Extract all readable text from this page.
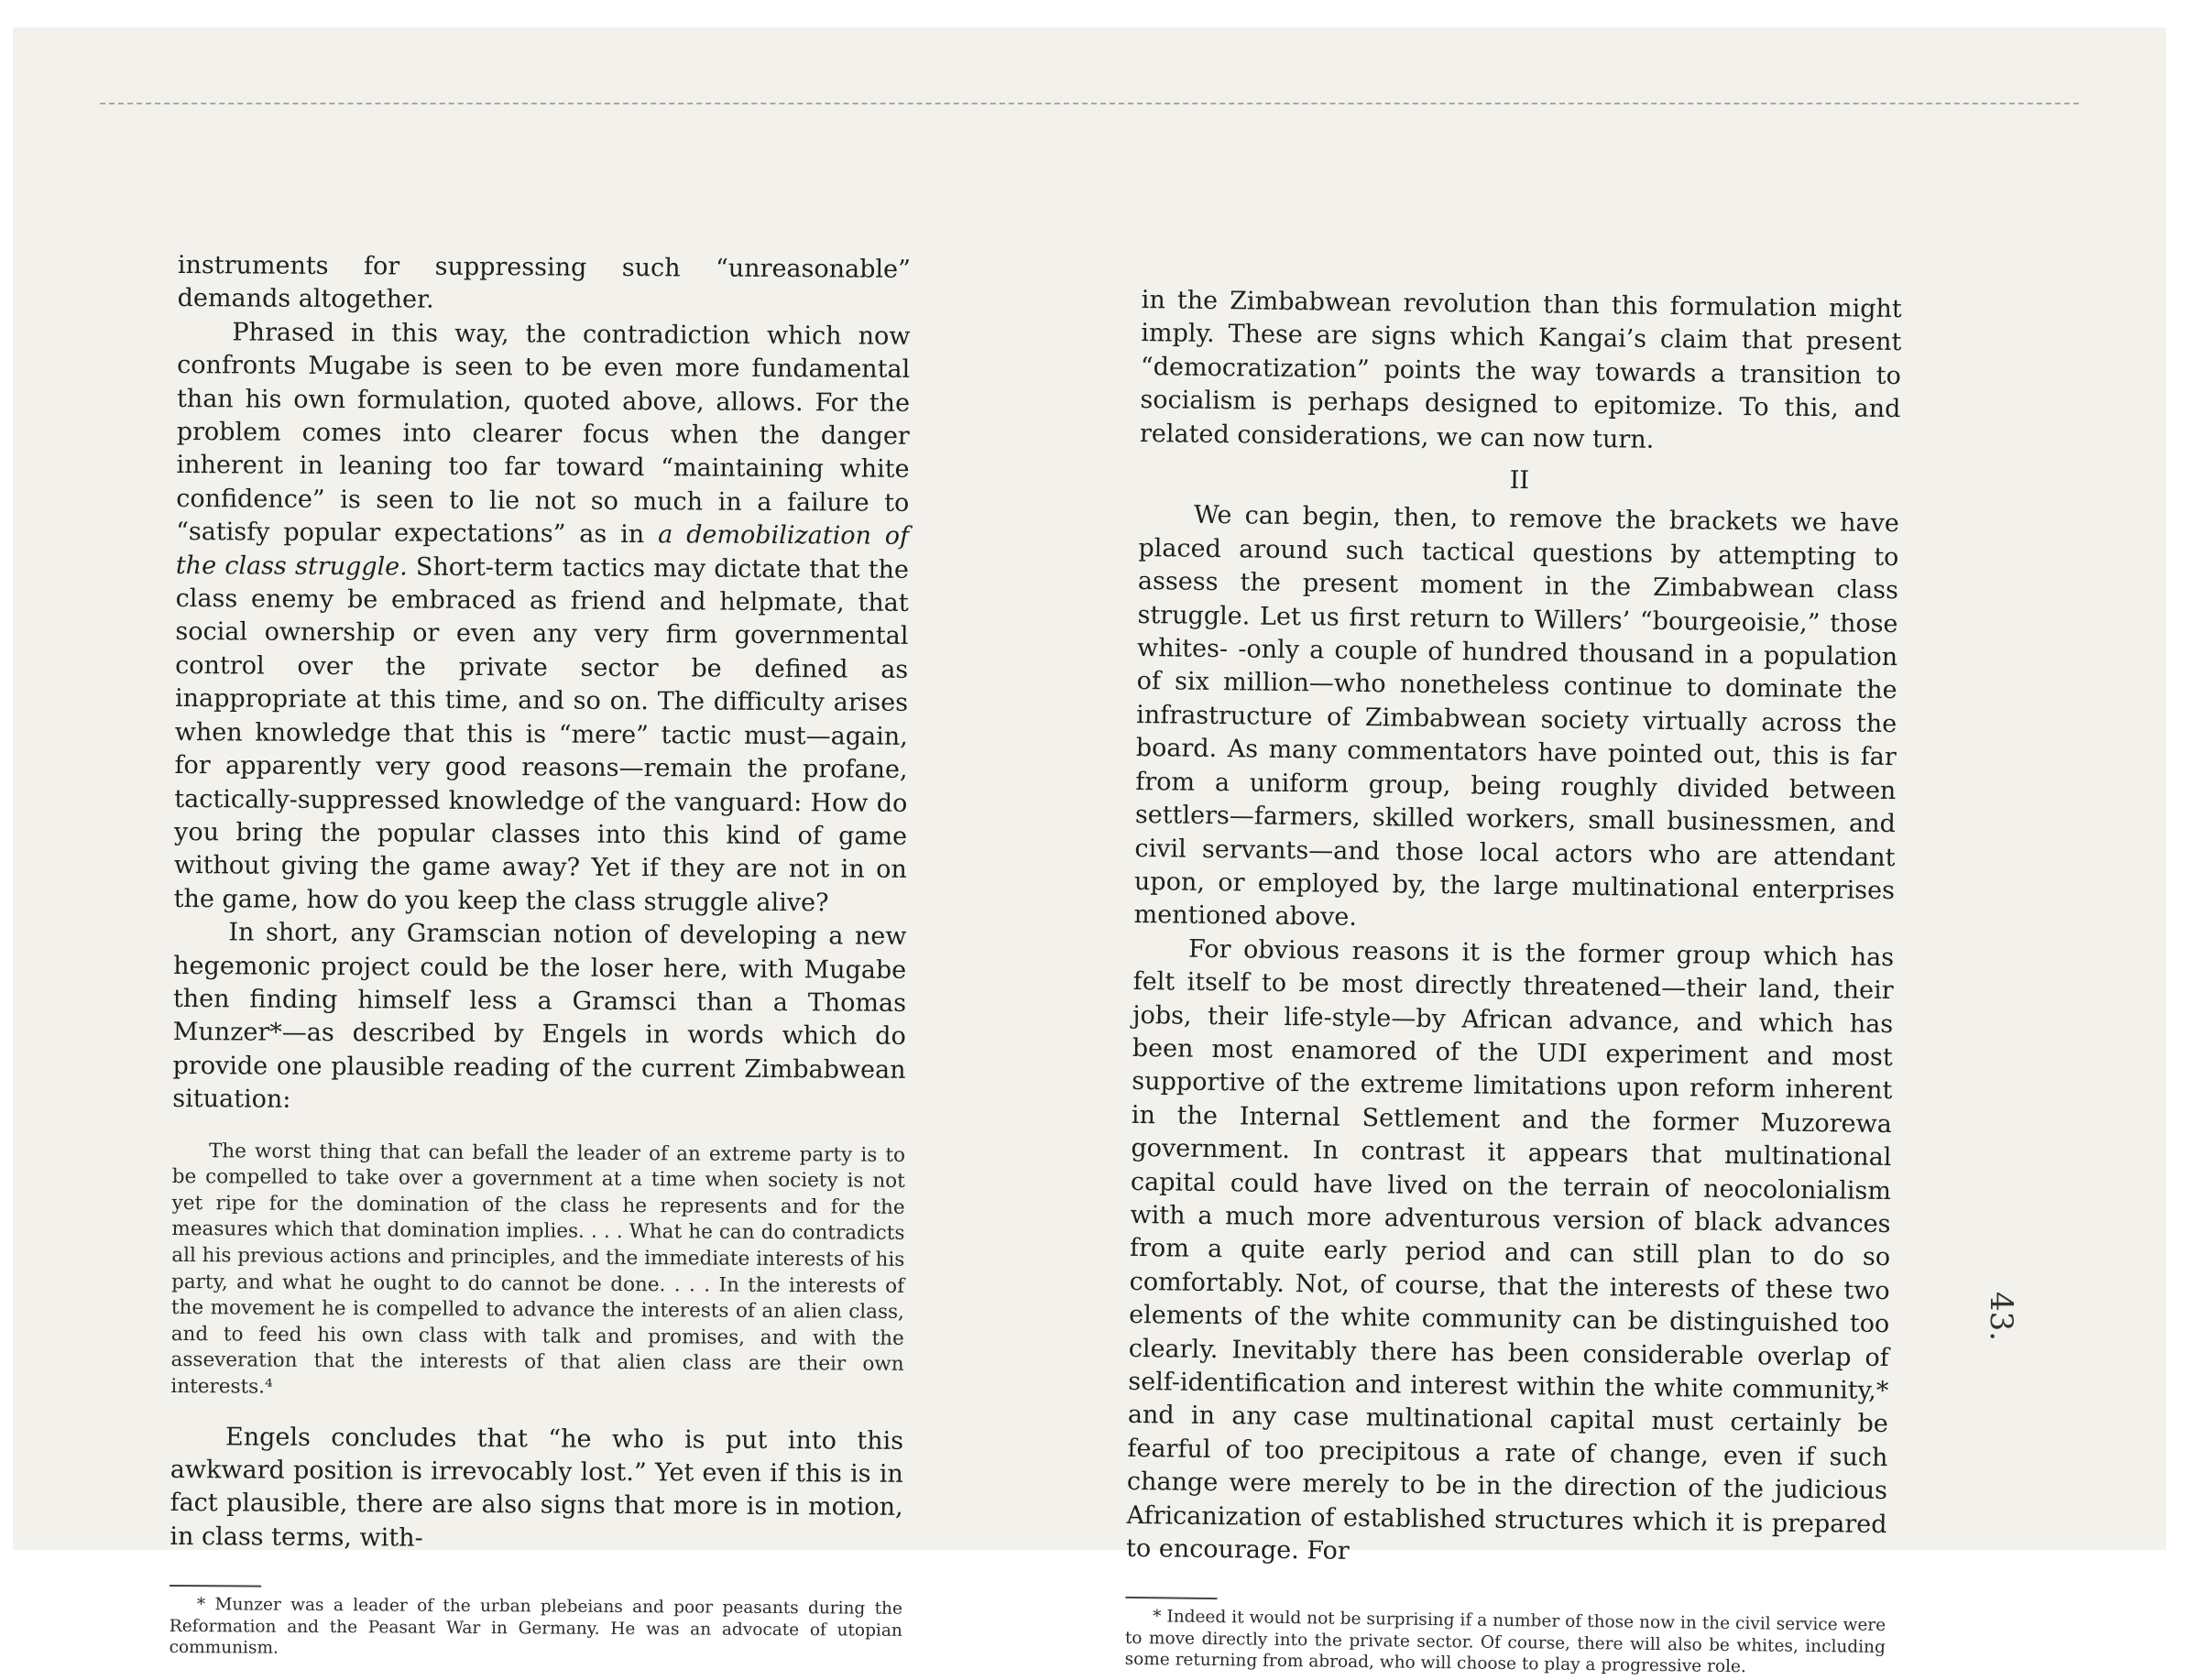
instruments for suppressing such “unreasonable” demands altogether.

Phrased in this way, the contradiction which now confronts Mugabe is seen to be even more fundamental than his own formulation, quoted above, allows. For the problem comes into clearer focus when the danger inherent in leaning too far toward “maintaining white confidence” is seen to lie not so much in a failure to “satisfy popular expectations” as in a demobilization of the class struggle. Short-term tactics may dictate that the class enemy be embraced as friend and helpmate, that social ownership or even any very firm governmental control over the private sector be defined as inappropriate at this time, and so on. The difficulty arises when knowledge that this is “mere” tactic must—again, for apparently very good reasons—remain the profane, tactically-suppressed knowledge of the vanguard: How do you bring the popular classes into this kind of game without giving the game away? Yet if they are not in on the game, how do you keep the class struggle alive?

In short, any Gramscian notion of developing a new hegemonic project could be the loser here, with Mugabe then finding himself less a Gramsci than a Thomas Munzer*—as described by Engels in words which do provide one plausible reading of the current Zimbabwean situation:

The worst thing that can befall the leader of an extreme party is to be compelled to take over a government at a time when society is not yet ripe for the domination of the class he represents and for the measures which that domination implies. . . . What he can do contradicts all his previous actions and principles, and the immediate interests of his party, and what he ought to do cannot be done. . . . In the interests of the movement he is compelled to advance the interests of an alien class, and to feed his own class with talk and promises, and with the asseveration that the interests of that alien class are their own interests.⁴

Engels concludes that “he who is put into this awkward position is irrevocably lost.” Yet even if this is in fact plausible, there are also signs that more is in motion, in class terms, with-

* Munzer was a leader of the urban plebeians and poor peasants during the Reformation and the Peasant War in Germany. He was an advocate of utopian communism.

in the Zimbabwean revolution than this formulation might imply. These are signs which Kangai’s claim that present “democratization” points the way towards a transition to socialism is perhaps designed to epitomize. To this, and related considerations, we can now turn.

II

We can begin, then, to remove the brackets we have placed around such tactical questions by attempting to assess the present moment in the Zimbabwean class struggle. Let us first return to Willers’ “bourgeoisie,” those whites- -only a couple of hundred thousand in a population of six million—who nonetheless continue to dominate the infrastructure of Zimbabwean society virtually across the board. As many commentators have pointed out, this is far from a uniform group, being roughly divided between settlers—farmers, skilled workers, small businessmen, and civil servants—and those local actors who are attendant upon, or employed by, the large multinational enterprises mentioned above.

For obvious reasons it is the former group which has felt itself to be most directly threatened—their land, their jobs, their life-style—by African advance, and which has been most enamored of the UDI experiment and most supportive of the extreme limitations upon reform inherent in the Internal Settlement and the former Muzorewa government. In contrast it appears that multinational capital could have lived on the terrain of neocolonialism with a much more adventurous version of black advances from a quite early period and can still plan to do so comfortably. Not, of course, that the interests of these two elements of the white community can be distinguished too clearly. Inevitably there has been considerable overlap of self-identification and interest within the white community,* and in any case multinational capital must certainly be fearful of too precipitous a rate of change, even if such change were merely to be in the direction of the judicious Africanization of established structures which it is prepared to encourage. For

* Indeed it would not be surprising if a number of those now in the civil service were to move directly into the private sector. Of course, there will also be whites, including some returning from abroad, who will choose to play a progressive role.

43.
